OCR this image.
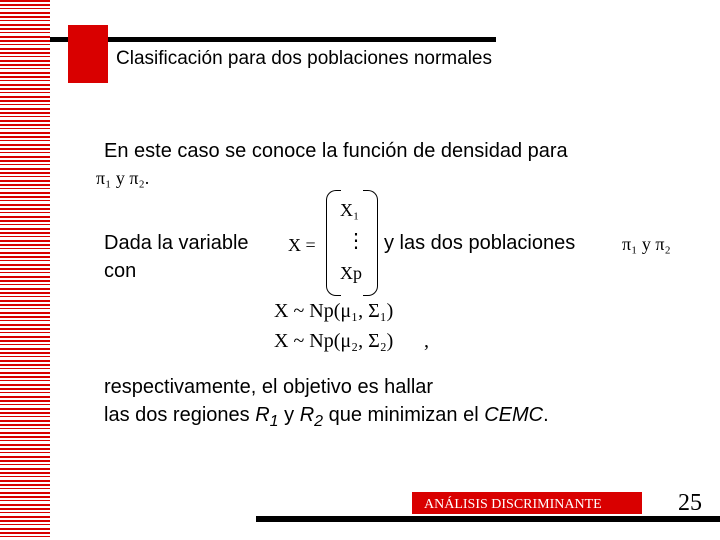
Clasificación para dos poblaciones normales
En este caso se conoce la función de densidad para
π₁ y π₂.
Dada la variable
con
X =
X₁
⋮
Xp
y las dos poblaciones	π₁ y π₂
X ~ Np(μ₁, Σ₁)
X ~ Np(μ₂, Σ₂) ,
respectivamente, el objetivo es hallar
las dos regiones $R_1$ y $R_2$ que minimizan el CEMC.
ANÁLISIS DISCRIMINANTE	25
